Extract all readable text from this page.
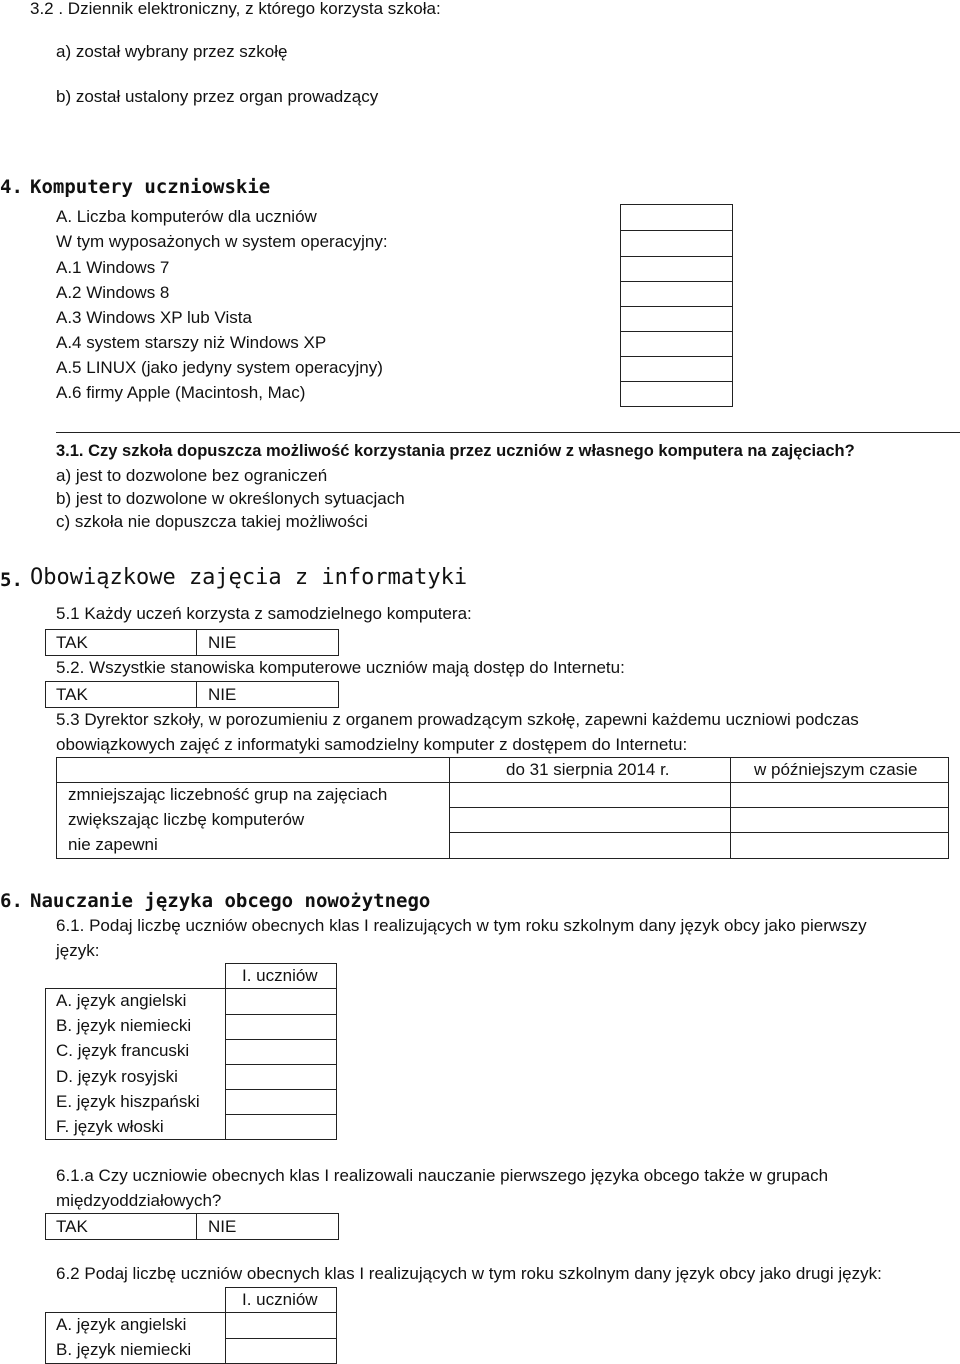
3.2 . Dziennik elektroniczny, z którego korzysta szkoła:
a) został wybrany przez szkołę
b) został ustalony przez organ prowadzący
4. Komputery uczniowskie
A. Liczba komputerów dla uczniów
W tym wyposażonych w system operacyjny:
A.1 Windows 7
A.2 Windows 8
A.3 Windows XP lub Vista
A.4 system starszy niż Windows XP
A.5 LINUX (jako jedyny system operacyjny)
A.6 firmy Apple (Macintosh, Mac)
3.1. Czy szkoła dopuszcza możliwość korzystania przez uczniów z własnego komputera na zajęciach?
a) jest to dozwolone bez ograniczeń
b) jest to dozwolone w określonych sytuacjach
c) szkoła nie dopuszcza takiej możliwości
5. Obowiązkowe zajęcia z informatyki
5.1 Każdy uczeń korzysta z samodzielnego komputera:
TAK	NIE
5.2. Wszystkie stanowiska komputerowe uczniów mają dostęp do Internetu:
TAK	NIE
5.3 Dyrektor szkoły, w porozumieniu z organem prowadzącym szkołę, zapewni każdemu uczniowi podczas
obowiązkowych zajęć z informatyki samodzielny komputer z dostępem do Internetu:
do 31 sierpnia 2014 r.	w późniejszym czasie
zmniejszając liczebność grup na zajęciach
zwiększając liczbę komputerów
nie zapewni
6. Nauczanie języka obcego nowożytnego
6.1. Podaj liczbę uczniów obecnych klas I realizujących w tym roku szkolnym dany język obcy jako pierwszy
język:
I. uczniów
A. język angielski
B. język niemiecki
C. język francuski
D. język rosyjski
E. język hiszpański
F. język włoski
6.1.a Czy uczniowie obecnych klas I realizowali nauczanie pierwszego języka obcego także w grupach
międzyoddziałowych?
TAK	NIE
6.2 Podaj liczbę uczniów obecnych klas I realizujących w tym roku szkolnym dany język obcy jako drugi język:
I. uczniów
A. język angielski
B. język niemiecki
